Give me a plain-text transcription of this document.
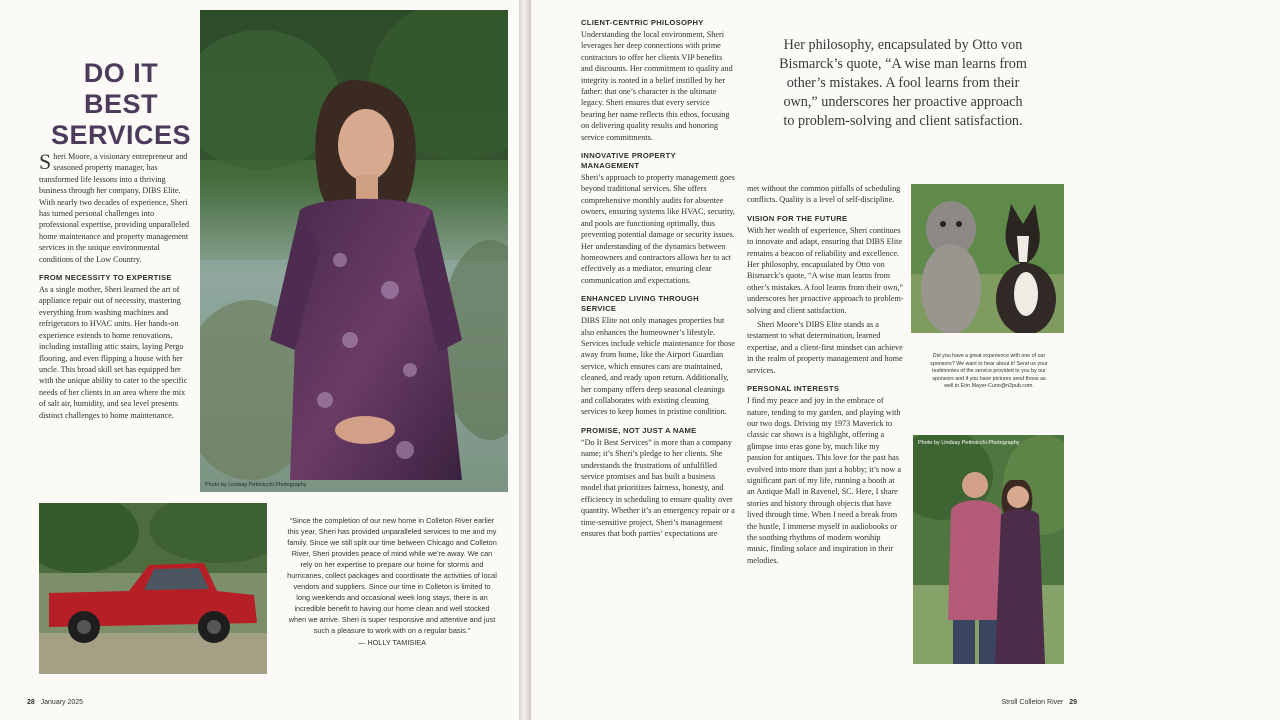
DO IT BEST
SERVICES

Sheri Moore, a visionary entrepreneur and seasoned property manager, has transformed life lessons into a thriving business through her company, DIBS Elite. With nearly two decades of experience, Sheri has turned personal challenges into professional expertise, providing unparalleled home maintenance and property management services in the unique environmental conditions of the Low Country.

FROM NECESSITY TO EXPERTISE

As a single mother, Sheri learned the art of appliance repair out of necessity, mastering everything from washing machines and refrigerators to HVAC units. Her hands-on experience extends to home renovations, including installing attic stairs, laying Pergo flooring, and even flipping a house with her uncle. This broad skill set has equipped her with the unique ability to cater to the specific needs of her clients in an area where the mix of salt air, humidity, and sea level presents distinct challenges to home maintenance.

Photo by Lindsay Pettinicchi Photography
“Since the completion of our new home in Colleton River earlier this year, Sheri has provided unparalleled services to me and my family. Since we still split our time between Chicago and Colleton River, Sheri provides peace of mind while we’re away. We can rely on her expertise to prepare our home for storms and hurricanes, collect packages and coordinate the activities of local vendors and suppliers. Since our time in Colleton is limited to long weekends and occasional week long stays, there is an incredible benefit to having our home clean and well stocked when we arrive. Sheri is super responsive and attentive and just such a pleasure to work with on a regular basis.”
— HOLLY TAMISIEA
28 January 2025
CLIENT-CENTRIC PHILOSOPHY

Understanding the local environment, Sheri leverages her deep connections with prime contractors to offer her clients VIP benefits and discounts. Her commitment to quality and integrity is rooted in a belief instilled by her father: that one’s character is the ultimate legacy. Sheri ensures that every service bearing her name reflects this ethos, focusing on delivering quality results and honoring service commitments.

INNOVATIVE PROPERTY MANAGEMENT

Sheri’s approach to property management goes beyond traditional services. She offers comprehensive monthly audits for absentee owners, ensuring systems like HVAC, security, and pools are functioning optimally, thus preventing potential damage or security issues. Her understanding of the dynamics between homeowners and contractors allows her to act effectively as a mediator, ensuring clear communication and expectations.

ENHANCED LIVING THROUGH SERVICE

DIBS Elite not only manages properties but also enhances the homeowner’s lifestyle. Services include vehicle maintenance for those away from home, like the Airport Guardian service, which ensures cars are maintained, cleaned, and ready upon return. Additionally, her company offers deep seasonal cleanings and collaborates with existing cleaning services to keep homes in pristine condition.

PROMISE, NOT JUST A NAME

“Do It Best Services” is more than a company name; it’s Sheri’s pledge to her clients. She understands the frustrations of unfulfilled service promises and has built a business model that prioritizes fairness, honesty, and efficiency in scheduling to ensure quality over quantity. Whether it’s an emergency repair or a time-sensitive project, Sheri’s management ensures that both parties’ expectations are

Her philosophy, encapsulated by Otto von Bismarck’s quote, “A wise man learns from other’s mistakes. A fool learns from their own,” underscores her proactive approach to problem-solving and client satisfaction.

met without the common pitfalls of scheduling conflicts. Quality is a level of self-discipline.

VISION FOR THE FUTURE

With her wealth of experience, Sheri continues to innovate and adapt, ensuring that DIBS Elite remains a beacon of reliability and excellence. Her philosophy, encapsulated by Otto von Bismarck’s quote, “A wise man learns from other’s mistakes. A fool learns from their own,” underscores her proactive approach to problem-solving and client satisfaction.

Sheri Moore’s DIBS Elite stands as a testament to what determination, learned expertise, and a client-first mindset can achieve in the realm of property management and home services.

PERSONAL INTERESTS

I find my peace and joy in the embrace of nature, tending to my garden, and playing with our two dogs. Driving my 1973 Maverick to classic car shows is a highlight, offering a glimpse into eras gone by, much like my passion for antiques. This love for the past has evolved into more than just a hobby; it’s now a significant part of my life, running a booth at an Antique Mall in Ravenel, SC. Here, I share stories and history through objects that have lived through time. When I need a break from the hustle, I immerse myself in audiobooks or the soothing rhythms of modern worship music, finding solace and inspiration in their melodies.

Did you have a great experience with one of our sponsors? We want to hear about it! Send us your testimonies of the service provided to you by our sponsors and if you have pictures send those as well to Erin.Mayer-Cuno@n2pub.com.
Photo by Lindsay Pettinicchi Photography
Stroll Colleton River 29
